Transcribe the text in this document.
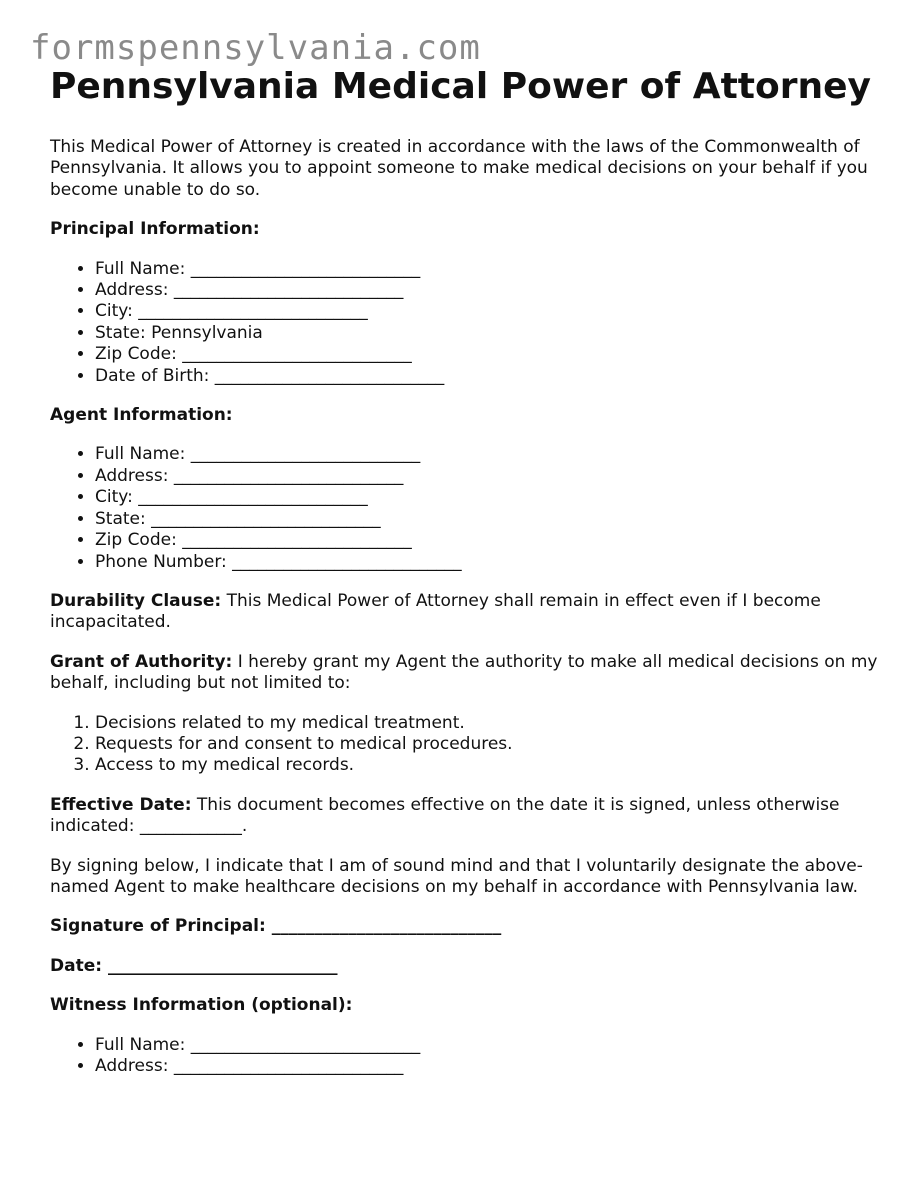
formspennsylvania.com
Pennsylvania Medical Power of Attorney

This Medical Power of Attorney is created in accordance with the laws of the Commonwealth of Pennsylvania. It allows you to appoint someone to make medical decisions on your behalf if you become unable to do so.

Principal Information:
• Full Name: ___________________________
• Address: ___________________________
• City: ___________________________
• State: Pennsylvania
• Zip Code: ___________________________
• Date of Birth: ___________________________
Agent Information:
• Full Name: ___________________________
• Address: ___________________________
• City: ___________________________
• State: ___________________________
• Zip Code: ___________________________
• Phone Number: ___________________________

Durability Clause: This Medical Power of Attorney shall remain in effect even if I become incapacitated.

Grant of Authority: I hereby grant my Agent the authority to make all medical decisions on my behalf, including but not limited to:

1. Decisions related to my medical treatment.
2. Requests for and consent to medical procedures.
3. Access to my medical records.

Effective Date: This document becomes effective on the date it is signed, unless otherwise indicated: ____________.

By signing below, I indicate that I am of sound mind and that I voluntarily designate the above-named Agent to make healthcare decisions on my behalf in accordance with Pennsylvania law.

Signature of Principal: ___________________________
Date: ___________________________
Witness Information (optional):
• Full Name: ___________________________
• Address: ___________________________
